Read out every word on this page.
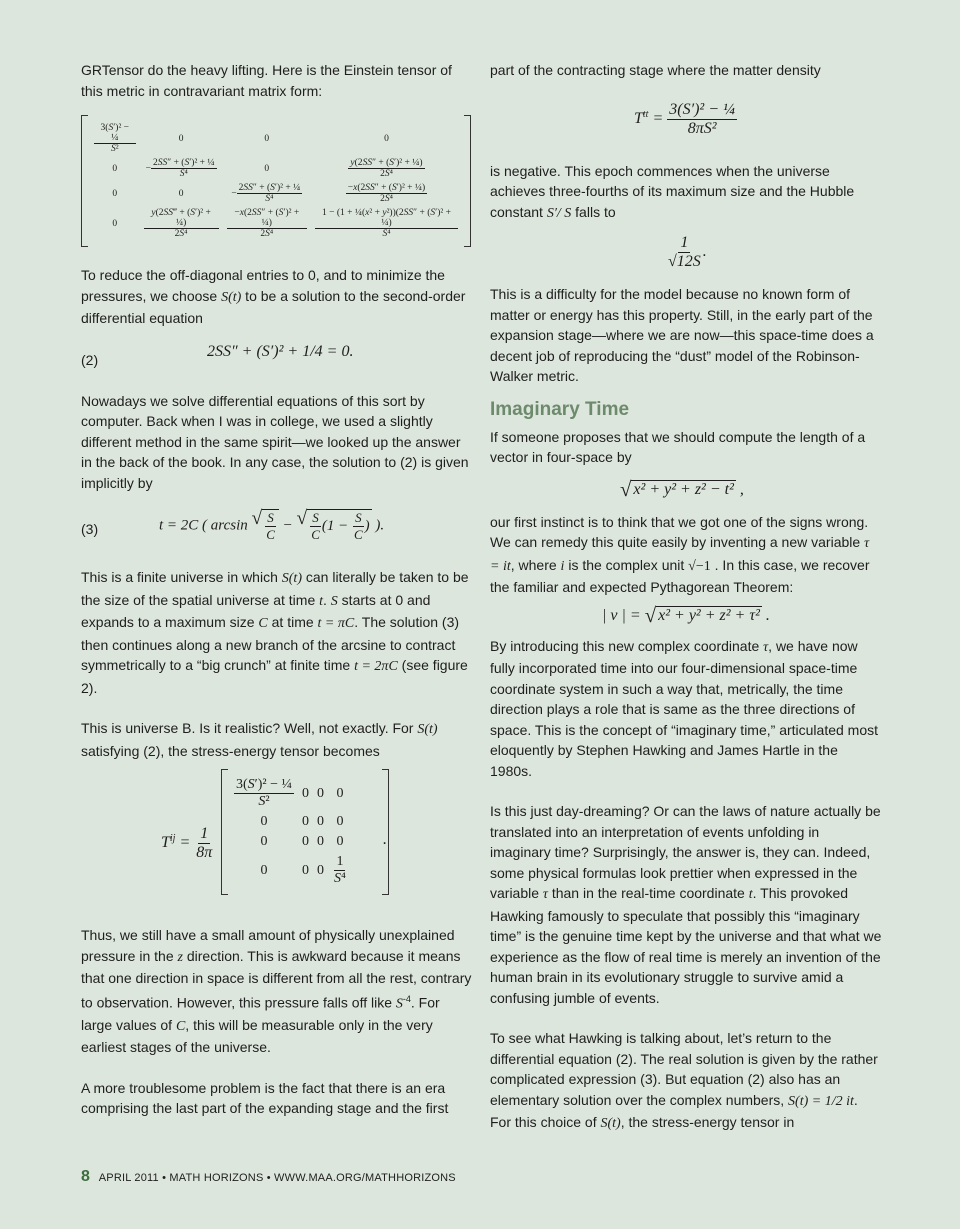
GRTensor do the heavy lifting. Here is the Einstein tensor of this metric in contravariant matrix form:

$\frac{\text{3(S′)² − ¼}}{\text{S²}}$	0	0	0
0	− $\frac{\text{2SS″ + (S′)² + ¼}}{\text{S⁴}}$	0	$\frac{\text{y(2SS″ + (S′)² + ¼)}}{\text{2S⁴}}$

0	0	− $\frac{\text{2SS″ + (S′)² + ¼}}{\text{S⁴}}$	$\frac{\text{−x(2SS″ + (S′)² + ¼)}}{\text{2S⁴}}$

0	$\frac{\text{y(2SS‴ + (S′)² + ¼)}}{\text{2S⁴}}$	$\frac{\text{−x(2SS″ + (S′)² + ¼)}}{\text{2S⁴}}$	$\frac{\text{1 − (1 + ¼(x² + y²))(2SS″ + (S′)² + ¼)}}{\text{S⁴}}$

To reduce the off-diagonal entries to 0, and to minimize the pressures, we choose S(t) to be a solution to the second-order differential equation

(2)	2SS″ + (S′)² + 1/4 = 0.

Nowadays we solve differential equations of this sort by computer. Back when I was in college, we used a slightly different method in the same spirit—we looked up the answer in the back of the book. In any case, the solution to (2) is given implicitly by

(3)	t = 2C ( arcsin √ $\frac{S}{C}$ − √ $\frac{S}{C} (1 - \frac{S}{C}$ ) ).

This is a finite universe in which S(t) can literally be taken to be the size of the spatial universe at time t. S starts at 0 and expands to a maximum size C at time t = πC. The solution (3) then continues along a new branch of the arcsine to contract symmetrically to a “big crunch” at finite time t = 2πC (see figure 2).

This is universe B. Is it realistic? Well, not exactly. For S(t) satisfying (2), the stress-energy tensor becomes

$T^{ij} = \frac{1}{8\pi}$
$\frac{\text{3(S′)² − ¼}}{\text{S²}}$	0	0	0
0	0	0	0
0	0	0	0
0	0	0	$\frac{1}{\text{S⁴}}$
.

Thus, we still have a small amount of physically unexplained pressure in the z direction. This is awkward because it means that one direction in space is different from all the rest, contrary to observation. However, this pressure falls off like $S^{-4}$. For large values of C, this will be measurable only in the very earliest stages of the universe.

A more troublesome problem is the fact that there is an era comprising the last part of the expanding stage and the first

part of the contracting stage where the matter density

$T^{tt} = \frac{\text{3(S′)² − ¼}}{\text{8πS²}}$

is negative. This epoch commences when the universe achieves three-fourths of its maximum size and the Hubble constant S′/ S falls to

$\frac{1}{√12S}$ .

This is a difficulty for the model because no known form of matter or energy has this property. Still, in the early part of the expansion stage—where we are now—this space-time does a decent job of reproducing the “dust” model of the Robinson-Walker metric.

Imaginary Time

If someone proposes that we should compute the length of a vector in four-space by

√ x² + y² + z² − t² ,

our first instinct is to think that we got one of the signs wrong. We can remedy this quite easily by inventing a new variable τ = it, where i is the complex unit √−1 . In this case, we recover the familiar and expected Pythagorean Theorem:

| v | = √ x² + y² + z² + τ² .

By introducing this new complex coordinate τ, we have now fully incorporated time into our four-dimensional space-time coordinate system in such a way that, metrically, the time direction plays a role that is same as the three directions of space. This is the concept of “imaginary time,” articulated most eloquently by Stephen Hawking and James Hartle in the 1980s.

Is this just day-dreaming? Or can the laws of nature actually be translated into an interpretation of events unfolding in imaginary time? Surprisingly, the answer is, they can. Indeed, some physical formulas look prettier when expressed in the variable τ than in the real-time coordinate t. This provoked Hawking famously to speculate that possibly this “imaginary time” is the genuine time kept by the universe and that what we experience as the flow of real time is merely an invention of the human brain in its evolutionary struggle to survive amid a confusing jumble of events.

To see what Hawking is talking about, let’s return to the differential equation (2). The real solution is given by the rather complicated expression (3). But equation (2) also has an elementary solution over the complex numbers, S(t) = 1/2 it. For this choice of S(t), the stress-energy tensor in

8 APRIL 2011 • MATH HORIZONS • WWW.MAA.ORG/MATHHORIZONS
